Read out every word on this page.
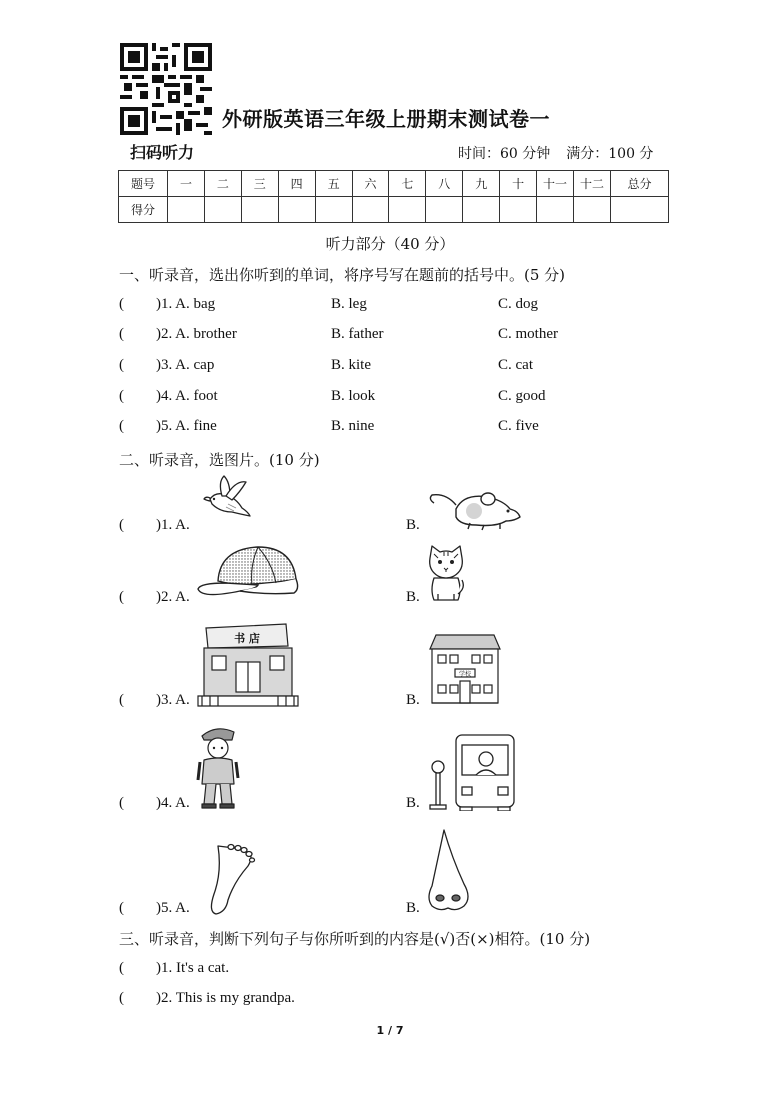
外研版英语三年级上册期末测试卷一
扫码听力	时间：60 分钟 满分：100 分
题号	一	二	三	四	五	六	七	八	九	十	十一	十二	总分
得分													
听力部分（40 分）
一、听录音，选出你听到的单词，将序号写在题前的括号中。(5 分)
( )1. A. bag	B. leg	C. dog
( )2. A. brother	B. father	C. mother
( )3. A. cap	B. kite	C. cat
( )4. A. foot	B. look	C. good
( )5. A. fine	B. nine	C. five
二、听录音，选图片。(10 分)
( )1. A.	B.
( )2. A.	B.
( )3. A.
书 店
B.
学校
( )4. A.	B.
( )5. A.	B.
三、听录音，判断下列句子与你所听到的内容是(√)否(×)相符。(10 分)
( )1. It's a cat.
( )2. This is my grandpa.
1 / 7
